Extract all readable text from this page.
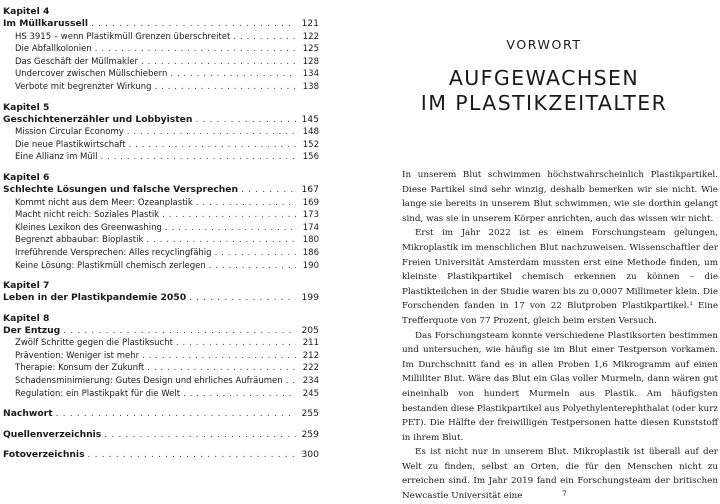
Kapitel 4
Im Müllkarussell . . .	121
HS 3915 – wenn Plastikmüll Grenzen überschreitet . . .	122
Die Abfallkolonien . . .	125
Das Geschäft der Müllmakler . . .	128
Undercover zwischen Müllschiebern . . .	134
Verbote mit begrenzter Wirkung . . .	138
Kapitel 5
Geschichtenerzähler und Lobbyisten . . .	145
Mission Circular Economy . . .	148
Die neue Plastikwirtschaft . . .	152
Eine Allianz im Müll . . .	156
Kapitel 6
Schlechte Lösungen und falsche Versprechen . . .	167
Kommt nicht aus dem Meer: Ozeanplastik . . .	169
Macht nicht reich: Soziales Plastik . . .	173
Kleines Lexikon des Greenwashing . . .	174
Begrenzt abbaubar: Bioplastik . . .	180
Irreführende Versprechen: Alles recyclingfähig . . .	186
Keine Lösung: Plastikmüll chemisch zerlegen . . .	190
Kapitel 7
Leben in der Plastikpandemie 2050 . . .	199
Kapitel 8
Der Entzug . . .	205
Zwölf Schritte gegen die Plastiksucht . . .	211
Prävention: Weniger ist mehr . . .	212
Therapie: Konsum der Zukunft . . .	222
Schadensminimierung: Gutes Design und ehrliches Aufräumen . . .	234
Regulation: ein Plastikpakt für die Welt . . .	245
Nachwort . . .	255
Quellenverzeichnis . . .	259
Fotoverzeichnis . . .	300
VORWORT
AUFGEWACHSEN
IM PLASTIKZEITALTER

In unserem Blut schwimmen höchstwahrscheinlich Plastikpartikel. Diese Partikel sind sehr winzig, deshalb bemerken wir sie nicht. Wie lange sie bereits in unserem Blut schwimmen, wie sie dorthin gelangt sind, was sie in unserem Körper anrichten, auch das wissen wir nicht.

Erst im Jahr 2022 ist es einem Forschungsteam gelungen, Mikroplastik im menschlichen Blut nachzuweisen. Wissenschaftler der Freien Universität Amsterdam mussten erst eine Methode finden, um kleinste Plastikpartikel chemisch erkennen zu können – die Plastikteilchen in der Studie waren bis zu 0,0007 Millimeter klein. Die Forschenden fanden in 17 von 22 Blutproben Plastikpartikel.¹ Eine Trefferquote von 77 Prozent, gleich beim ersten Versuch.

Das Forschungsteam konnte verschiedene Plastiksorten bestimmen und untersuchen, wie häufig sie im Blut einer Testperson vorkamen. Im Durchschnitt fand es in allen Proben 1,6 Mikrogramm auf einen Milliliter Blut. Wäre das Blut ein Glas voller Murmeln, dann wären gut eineinhalb von hundert Murmeln aus Plastik. Am häufigsten bestanden diese Plastikpartikel aus Polyethylenterephthalat (oder kurz PET). Die Hälfte der freiwilligen Testpersonen hatte diesen Kunststoff in ihrem Blut.

Es ist nicht nur in unserem Blut. Mikroplastik ist überall auf der Welt zu finden, selbst an Orten, die für den Menschen nicht zu erreichen sind. Im Jahr 2019 fand ein Forschungsteam der britischen Newcastle Universität eine	7
